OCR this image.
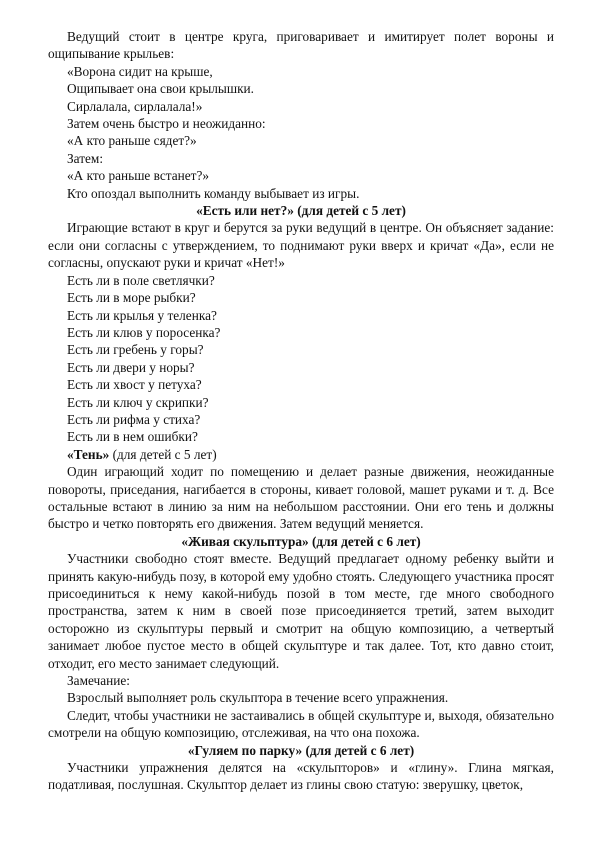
Ведущий стоит в центре круга, приговаривает и имитирует полет вороны и ощипывание крыльев:

«Ворона сидит на крыше,

Ощипывает она свои крылышки.

Сирлалала, сирлалала!»

Затем очень быстро и неожиданно:

«А кто раньше сядет?»

Затем:

«А кто раньше встанет?»

Кто опоздал выполнить команду выбывает из игры.

«Есть или нет?» (для детей с 5 лет)

Играющие встают в круг и берутся за руки ведущий в центре. Он объясняет задание: если они согласны с утверждением, то поднимают руки вверх и кричат «Да», если не согласны, опускают руки и кричат «Нет!»

Есть ли в поле светлячки?

Есть ли в море рыбки?

Есть ли крылья у теленка?

Есть ли клюв у поросенка?

Есть ли гребень у горы?

Есть ли двери у норы?

Есть ли хвост у петуха?

Есть ли ключ у скрипки?

Есть ли рифма у стиха?

Есть ли в нем ошибки?

«Тень» (для детей с 5 лет)

Один играющий ходит по помещению и делает разные движения, неожиданные повороты, приседания, нагибается в стороны, кивает головой, машет руками и т. д. Все остальные встают в линию за ним на небольшом расстоянии. Они его тень и должны быстро и четко повторять его движения. Затем ведущий меняется.

«Живая скульптура» (для детей с 6 лет)

Участники свободно стоят вместе. Ведущий предлагает одному ребенку выйти и принять какую-нибудь позу, в которой ему удобно стоять. Следующего участника просят присоединиться к нему какой-нибудь позой в том месте, где много свободного пространства, затем к ним в своей позе присоединяется третий, затем выходит осторожно из скульптуры первый и смотрит на общую композицию, а четвертый занимает любое пустое место в общей скульптуре и так далее. Тот, кто давно стоит, отходит, его место занимает следующий.

Замечание:

Взрослый выполняет роль скульптора в течение всего упражнения.

Следит, чтобы участники не застаивались в общей скульптуре и, выходя, обязательно смотрели на общую композицию, отслеживая, на что она похожа.

«Гуляем по парку» (для детей с 6 лет)

Участники упражнения делятся на «скульпторов» и «глину». Глина мягкая, податливая, послушная. Скульптор делает из глины свою статую: зверушку, цветок,
